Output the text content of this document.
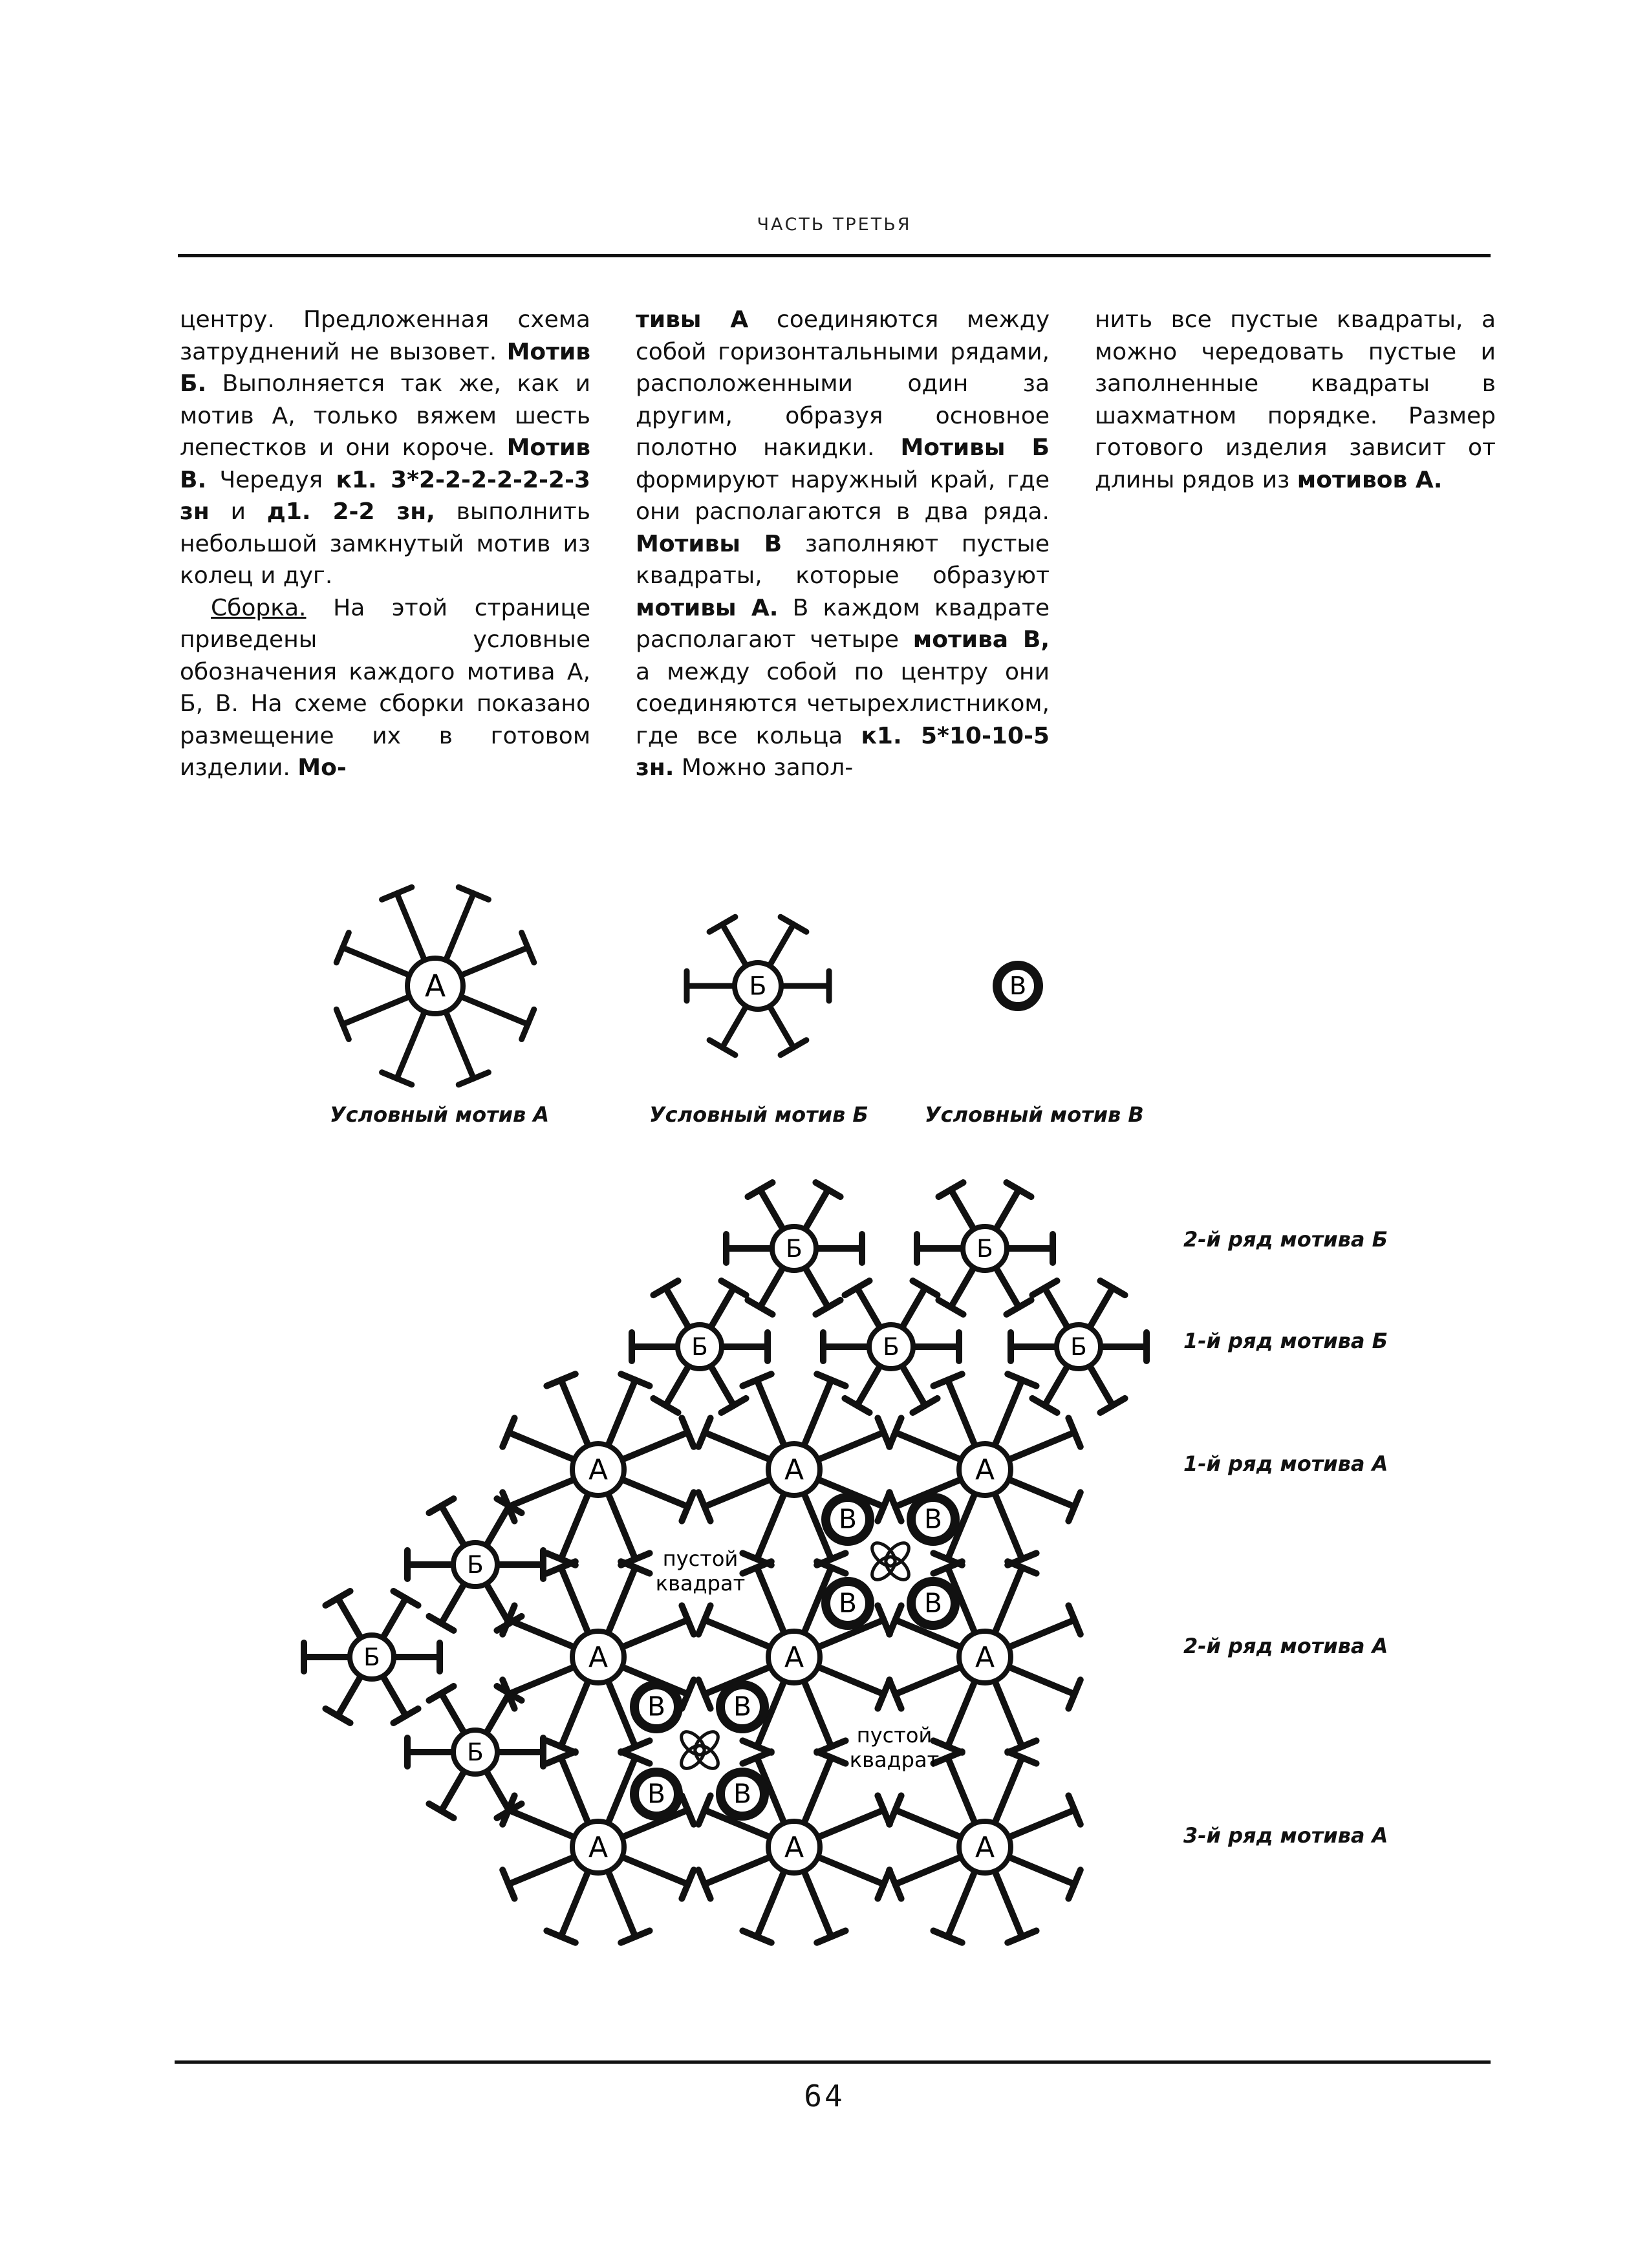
ЧАСТЬ ТРЕТЬЯ

центру. Предложенная схема затруднений не вызовет. Мотив Б. Выполняется так же, как и мотив А, только вяжем шесть лепестков и они короче. Мотив В. Чередуя к1. 3*2-2-2-2-2-2-3 зн и д1. 2-2 зн, выполнить небольшой замкнутый мотив из колец и дуг.

Сборка. На этой странице приведены условные обозначения каждого мотива А, Б, В. На схеме сборки показано размещение их в готовом изделии. Мо-

тивы А соединяются между собой горизонтальными рядами, расположенными один за другим, образуя основное полотно накидки. Мотивы Б формируют наружный край, где они располагаются в два ряда. Мотивы В заполняют пустые квадраты, которые образуют мотивы А. В каждом квадрате располагают четыре мотива В, а между собой по центру они соединяются четырехлистником, где все кольца к1. 5*10-10-5 зн. Можно запол-

нить все пустые квадраты, а можно чередовать пустые и заполненные квадраты в шахматном порядке. Размер готового изделия зависит от длины рядов из мотивов А.

А	Б	В
А	А	А
А	А	А
А	А	А
Б	Б
Б	Б	Б
Б
Б
Б
В	В
В	В
В	В
В	В
пустой
квадрат
пустой
квадрат
Условный мотив А	Условный мотив Б	Условный мотив В
2-й ряд мотива Б
1-й ряд мотива Б
1-й ряд мотива А
2-й ряд мотива А
3-й ряд мотива А
64
